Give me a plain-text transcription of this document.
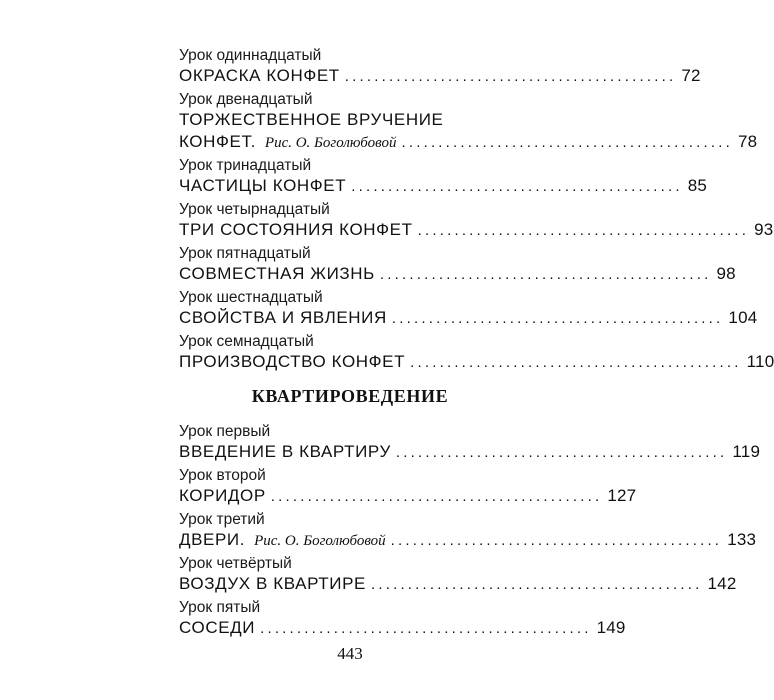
Урок одиннадцатый
ОКРАСКА КОНФЕТ ............................................. 72
Урок двенадцатый
ТОРЖЕСТВЕННОЕ ВРУЧЕНИЕ
КОНФЕТ. Рис. О. Боголюбовой ............................................. 78
Урок тринадцатый
ЧАСТИЦЫ КОНФЕТ ............................................. 85
Урок четырнадцатый
ТРИ СОСТОЯНИЯ КОНФЕТ ............................................. 93
Урок пятнадцатый
СОВМЕСТНАЯ ЖИЗНЬ ............................................. 98
Урок шестнадцатый
СВОЙСТВА И ЯВЛЕНИЯ ............................................. 104
Урок семнадцатый
ПРОИЗВОДСТВО КОНФЕТ ............................................. 110
КВАРТИРОВЕДЕНИЕ
Урок первый
ВВЕДЕНИЕ В КВАРТИРУ ............................................. 119
Урок второй
КОРИДОР ............................................. 127
Урок третий
ДВЕРИ. Рис. О. Боголюбовой ............................................. 133
Урок четвёртый
ВОЗДУХ В КВАРТИРЕ ............................................. 142
Урок пятый
СОСЕДИ ............................................. 149
443
